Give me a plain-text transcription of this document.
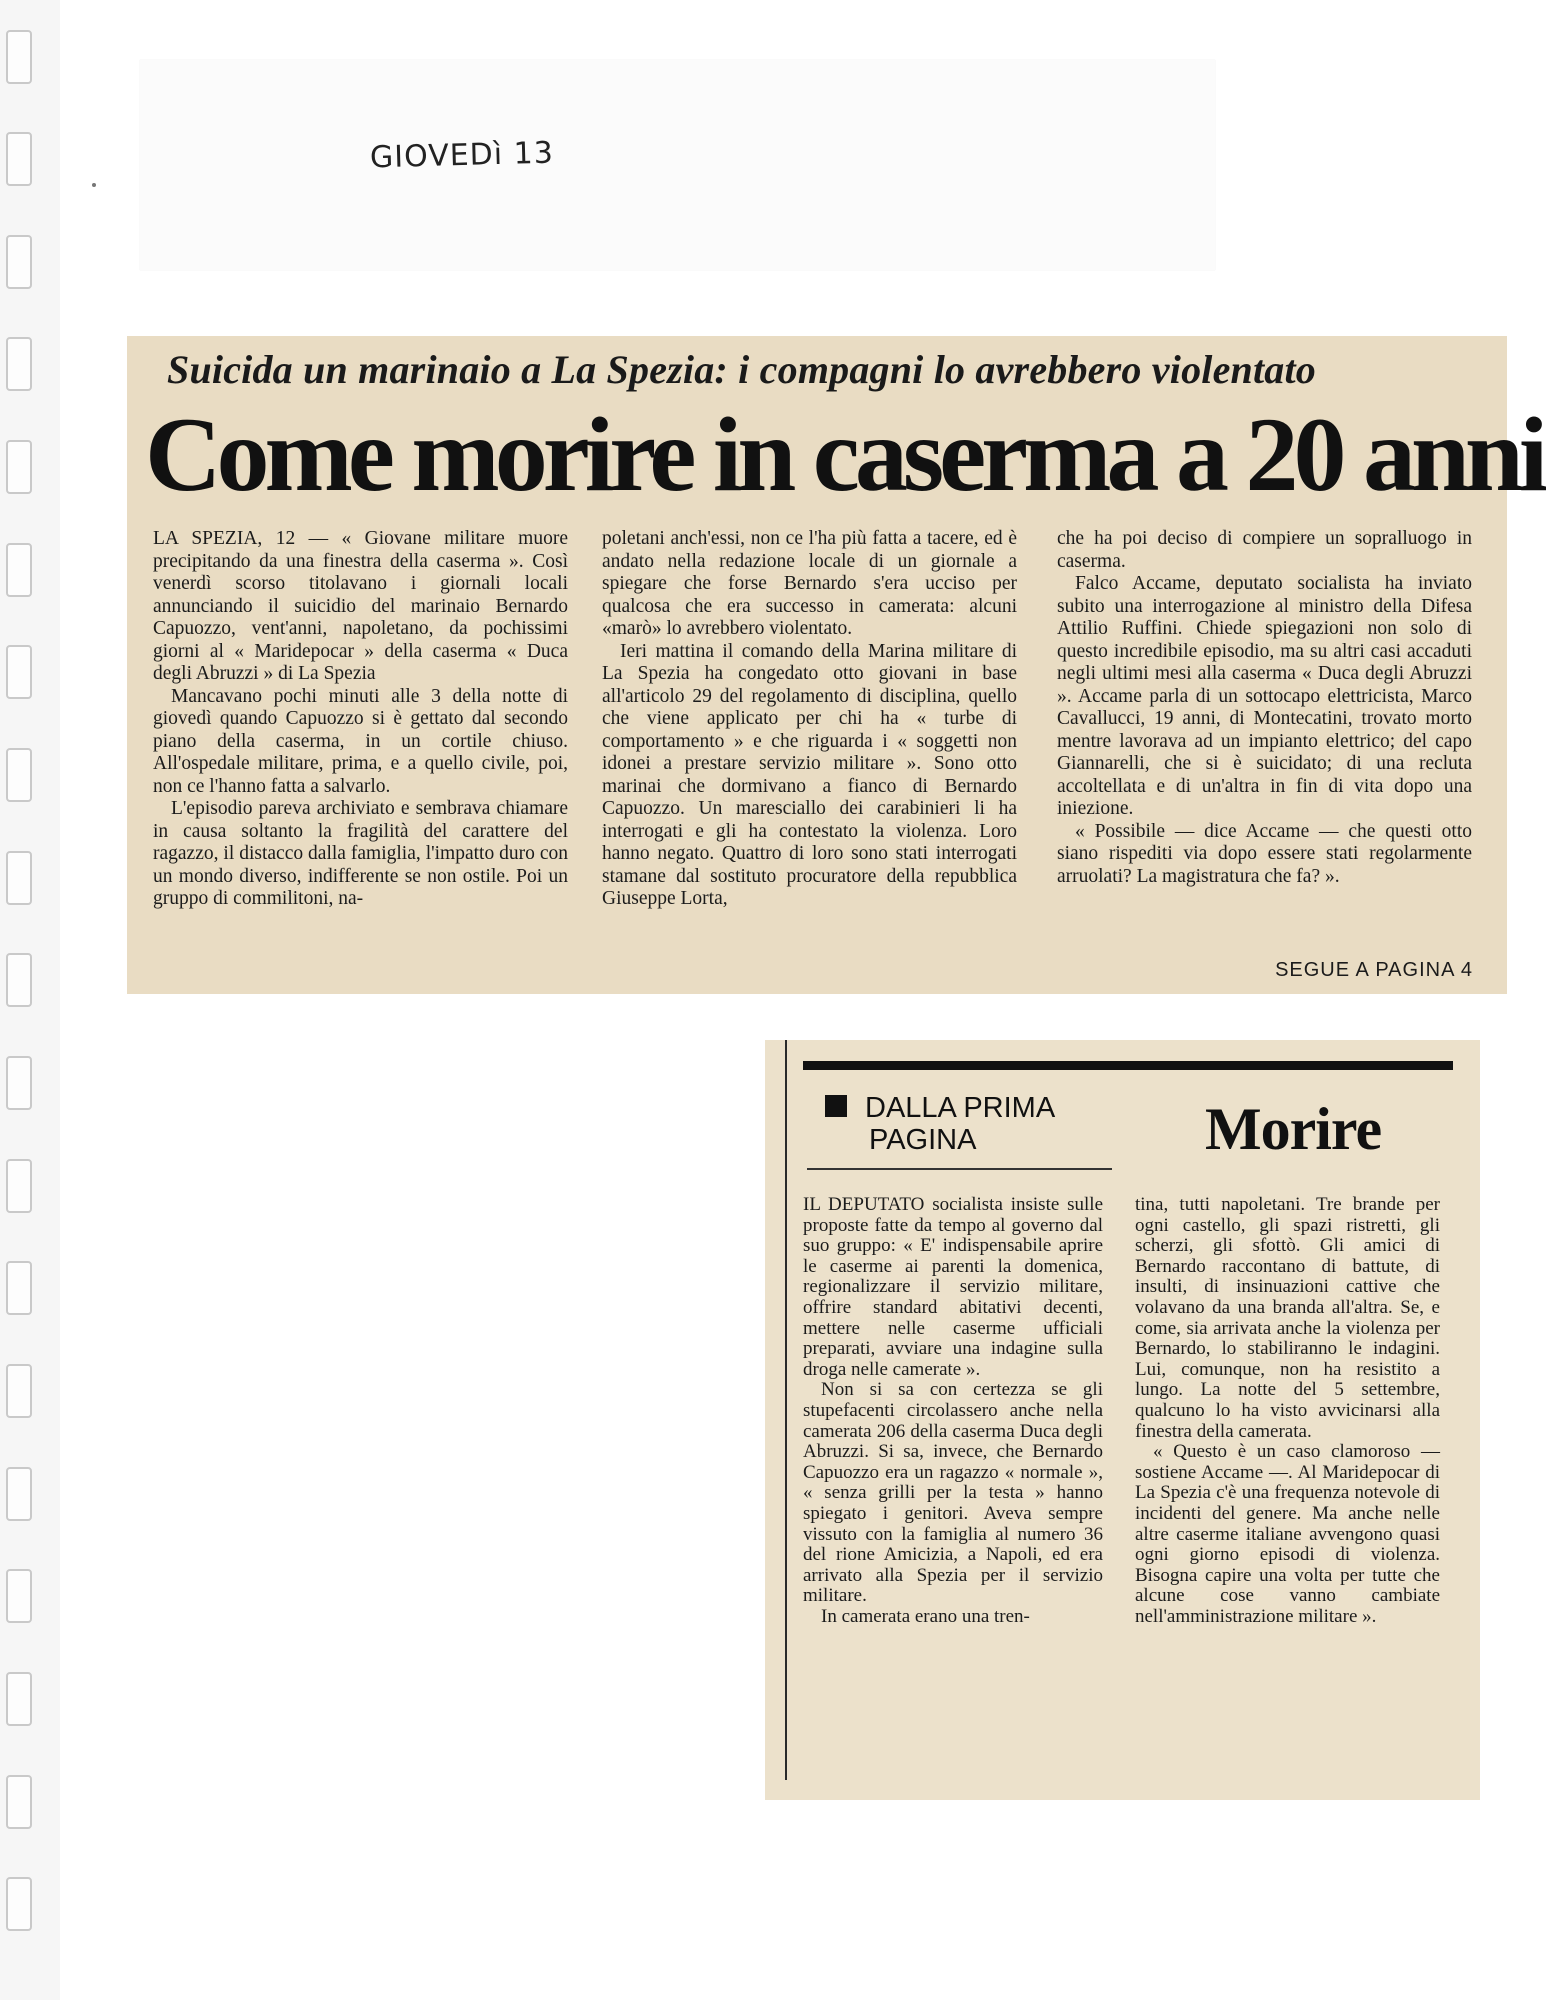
GIOVEDì 13
Suicida un marinaio a La Spezia: i compagni lo avrebbero violentato
Come morire in caserma a 20 anni

LA SPEZIA, 12 — « Giovane militare muore precipitando da una finestra della caserma ». Così venerdì scorso titolavano i giornali locali annunciando il suicidio del marinaio Bernardo Capuozzo, vent'anni, napoletano, da pochissimi giorni al « Maridepocar » della caserma « Duca degli Abruzzi » di La Spezia

Mancavano pochi minuti alle 3 della notte di giovedì quando Capuozzo si è gettato dal secondo piano della caserma, in un cortile chiuso. All'ospedale militare, prima, e a quello civile, poi, non ce l'hanno fatta a salvarlo.

L'episodio pareva archiviato e sembrava chiamare in causa soltanto la fragilità del carattere del ragazzo, il distacco dalla famiglia, l'impatto duro con un mondo diverso, indifferente se non ostile. Poi un gruppo di commilitoni, na-

poletani anch'essi, non ce l'ha più fatta a tacere, ed è andato nella redazione locale di un giornale a spiegare che forse Bernardo s'era ucciso per qualcosa che era successo in camerata: alcuni «marò» lo avrebbero violentato.

Ieri mattina il comando della Marina militare di La Spezia ha congedato otto giovani in base all'articolo 29 del regolamento di disciplina, quello che viene applicato per chi ha « turbe di comportamento » e che riguarda i « soggetti non idonei a prestare servizio militare ». Sono otto marinai che dormivano a fianco di Bernardo Capuozzo. Un maresciallo dei carabinieri li ha interrogati e gli ha contestato la violenza. Loro hanno negato. Quattro di loro sono stati interrogati stamane dal sostituto procuratore della repubblica Giuseppe Lorta,

che ha poi deciso di compiere un sopralluogo in caserma.

Falco Accame, deputato socialista ha inviato subito una interrogazione al ministro della Difesa Attilio Ruffini. Chiede spiegazioni non solo di questo incredibile episodio, ma su altri casi accaduti negli ultimi mesi alla caserma « Duca degli Abruzzi ». Accame parla di un sottocapo elettricista, Marco Cavallucci, 19 anni, di Montecatini, trovato morto mentre lavorava ad un impianto elettrico; del capo Giannarelli, che si è suicidato; di una recluta accoltellata e di un'altra in fin di vita dopo una iniezione.

« Possibile — dice Accame — che questi otto siano rispediti via dopo essere stati regolarmente arruolati? La magistratura che fa? ».

SEGUE A PAGINA 4
DALLA PRIMA
PAGINA	Morire

IL DEPUTATO socialista insiste sulle proposte fatte da tempo al governo dal suo gruppo: « E' indispensabile aprire le caserme ai parenti la domenica, regionalizzare il servizio militare, offrire standard abitativi decenti, mettere nelle caserme ufficiali preparati, avviare una indagine sulla droga nelle camerate ».

Non si sa con certezza se gli stupefacenti circolassero anche nella camerata 206 della caserma Duca degli Abruzzi. Si sa, invece, che Bernardo Capuozzo era un ragazzo « normale », « senza grilli per la testa » hanno spiegato i genitori. Aveva sempre vissuto con la famiglia al numero 36 del rione Amicizia, a Napoli, ed era arrivato alla Spezia per il servizio militare.

In camerata erano una tren-

tina, tutti napoletani. Tre brande per ogni castello, gli spazi ristretti, gli scherzi, gli sfottò. Gli amici di Bernardo raccontano di battute, di insulti, di insinuazioni cattive che volavano da una branda all'altra. Se, e come, sia arrivata anche la violenza per Bernardo, lo stabiliranno le indagini. Lui, comunque, non ha resistito a lungo. La notte del 5 settembre, qualcuno lo ha visto avvicinarsi alla finestra della camerata.

« Questo è un caso clamoroso — sostiene Accame —. Al Maridepocar di La Spezia c'è una frequenza notevole di incidenti del genere. Ma anche nelle altre caserme italiane avvengono quasi ogni giorno episodi di violenza. Bisogna capire una volta per tutte che alcune cose vanno cambiate nell'amministrazione militare ».
